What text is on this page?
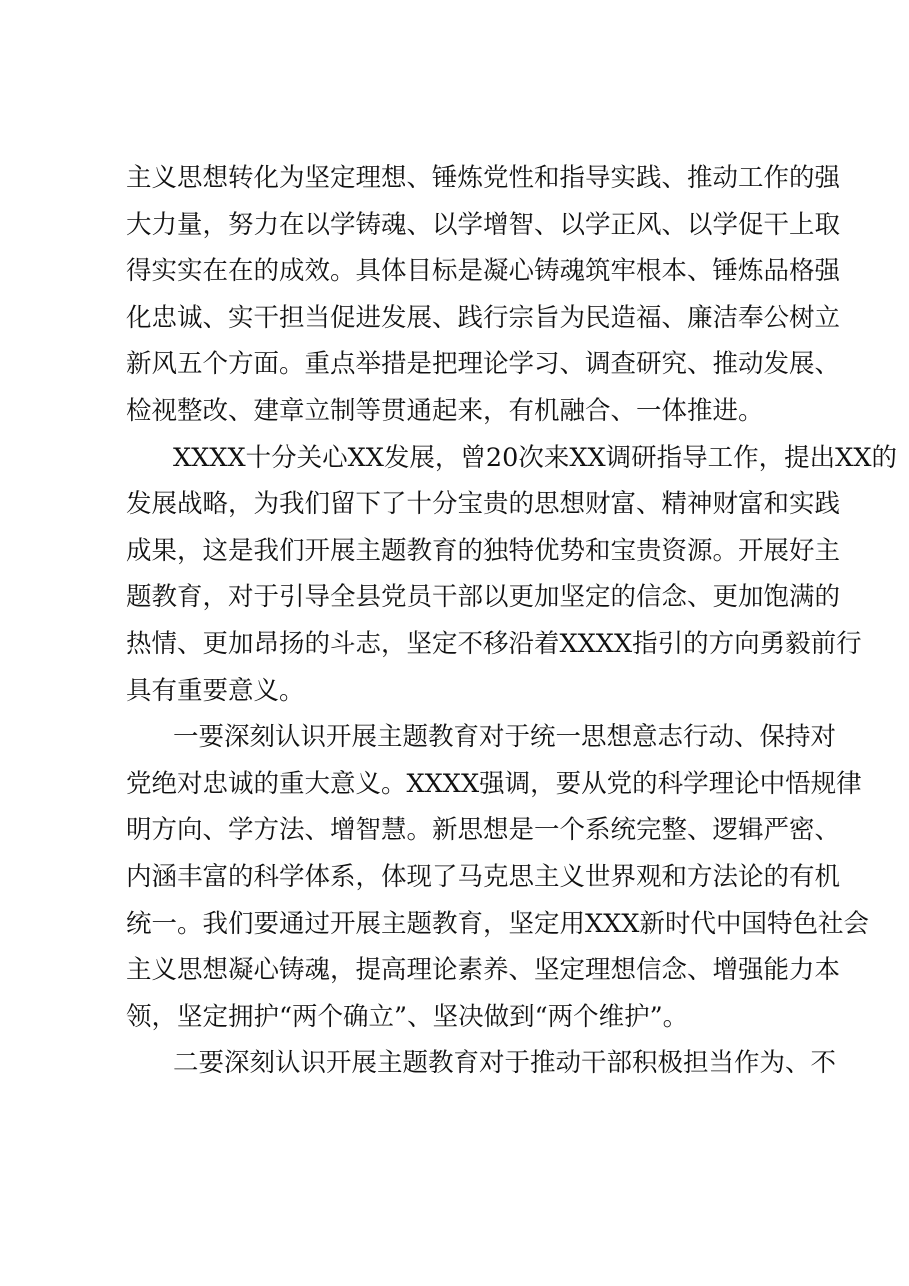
主义思想转化为坚定理想、锤炼党性和指导实践、推动工作的强
大力量，努力在以学铸魂、以学增智、以学正风、以学促干上取
得实实在在的成效。具体目标是凝心铸魂筑牢根本、锤炼品格强
化忠诚、实干担当促进发展、践行宗旨为民造福、廉洁奉公树立
新风五个方面。重点举措是把理论学习、调查研究、推动发展、
检视整改、建章立制等贯通起来，有机融合、一体推进。
XXXX十分关心XX发展，曾20次来XX调研指导工作，提出XX的
发展战略，为我们留下了十分宝贵的思想财富、精神财富和实践
成果，这是我们开展主题教育的独特优势和宝贵资源。开展好主
题教育，对于引导全县党员干部以更加坚定的信念、更加饱满的
热情、更加昂扬的斗志，坚定不移沿着XXXX指引的方向勇毅前行
具有重要意义。
一要深刻认识开展主题教育对于统一思想意志行动、保持对
党绝对忠诚的重大意义。XXXX强调，要从党的科学理论中悟规律
明方向、学方法、增智慧。新思想是一个系统完整、逻辑严密、
内涵丰富的科学体系，体现了马克思主义世界观和方法论的有机
统一。我们要通过开展主题教育，坚定用XXX新时代中国特色社会
主义思想凝心铸魂，提高理论素养、坚定理想信念、增强能力本
领，坚定拥护“两个确立”、坚决做到“两个维护”。
二要深刻认识开展主题教育对于推动干部积极担当作为、不
